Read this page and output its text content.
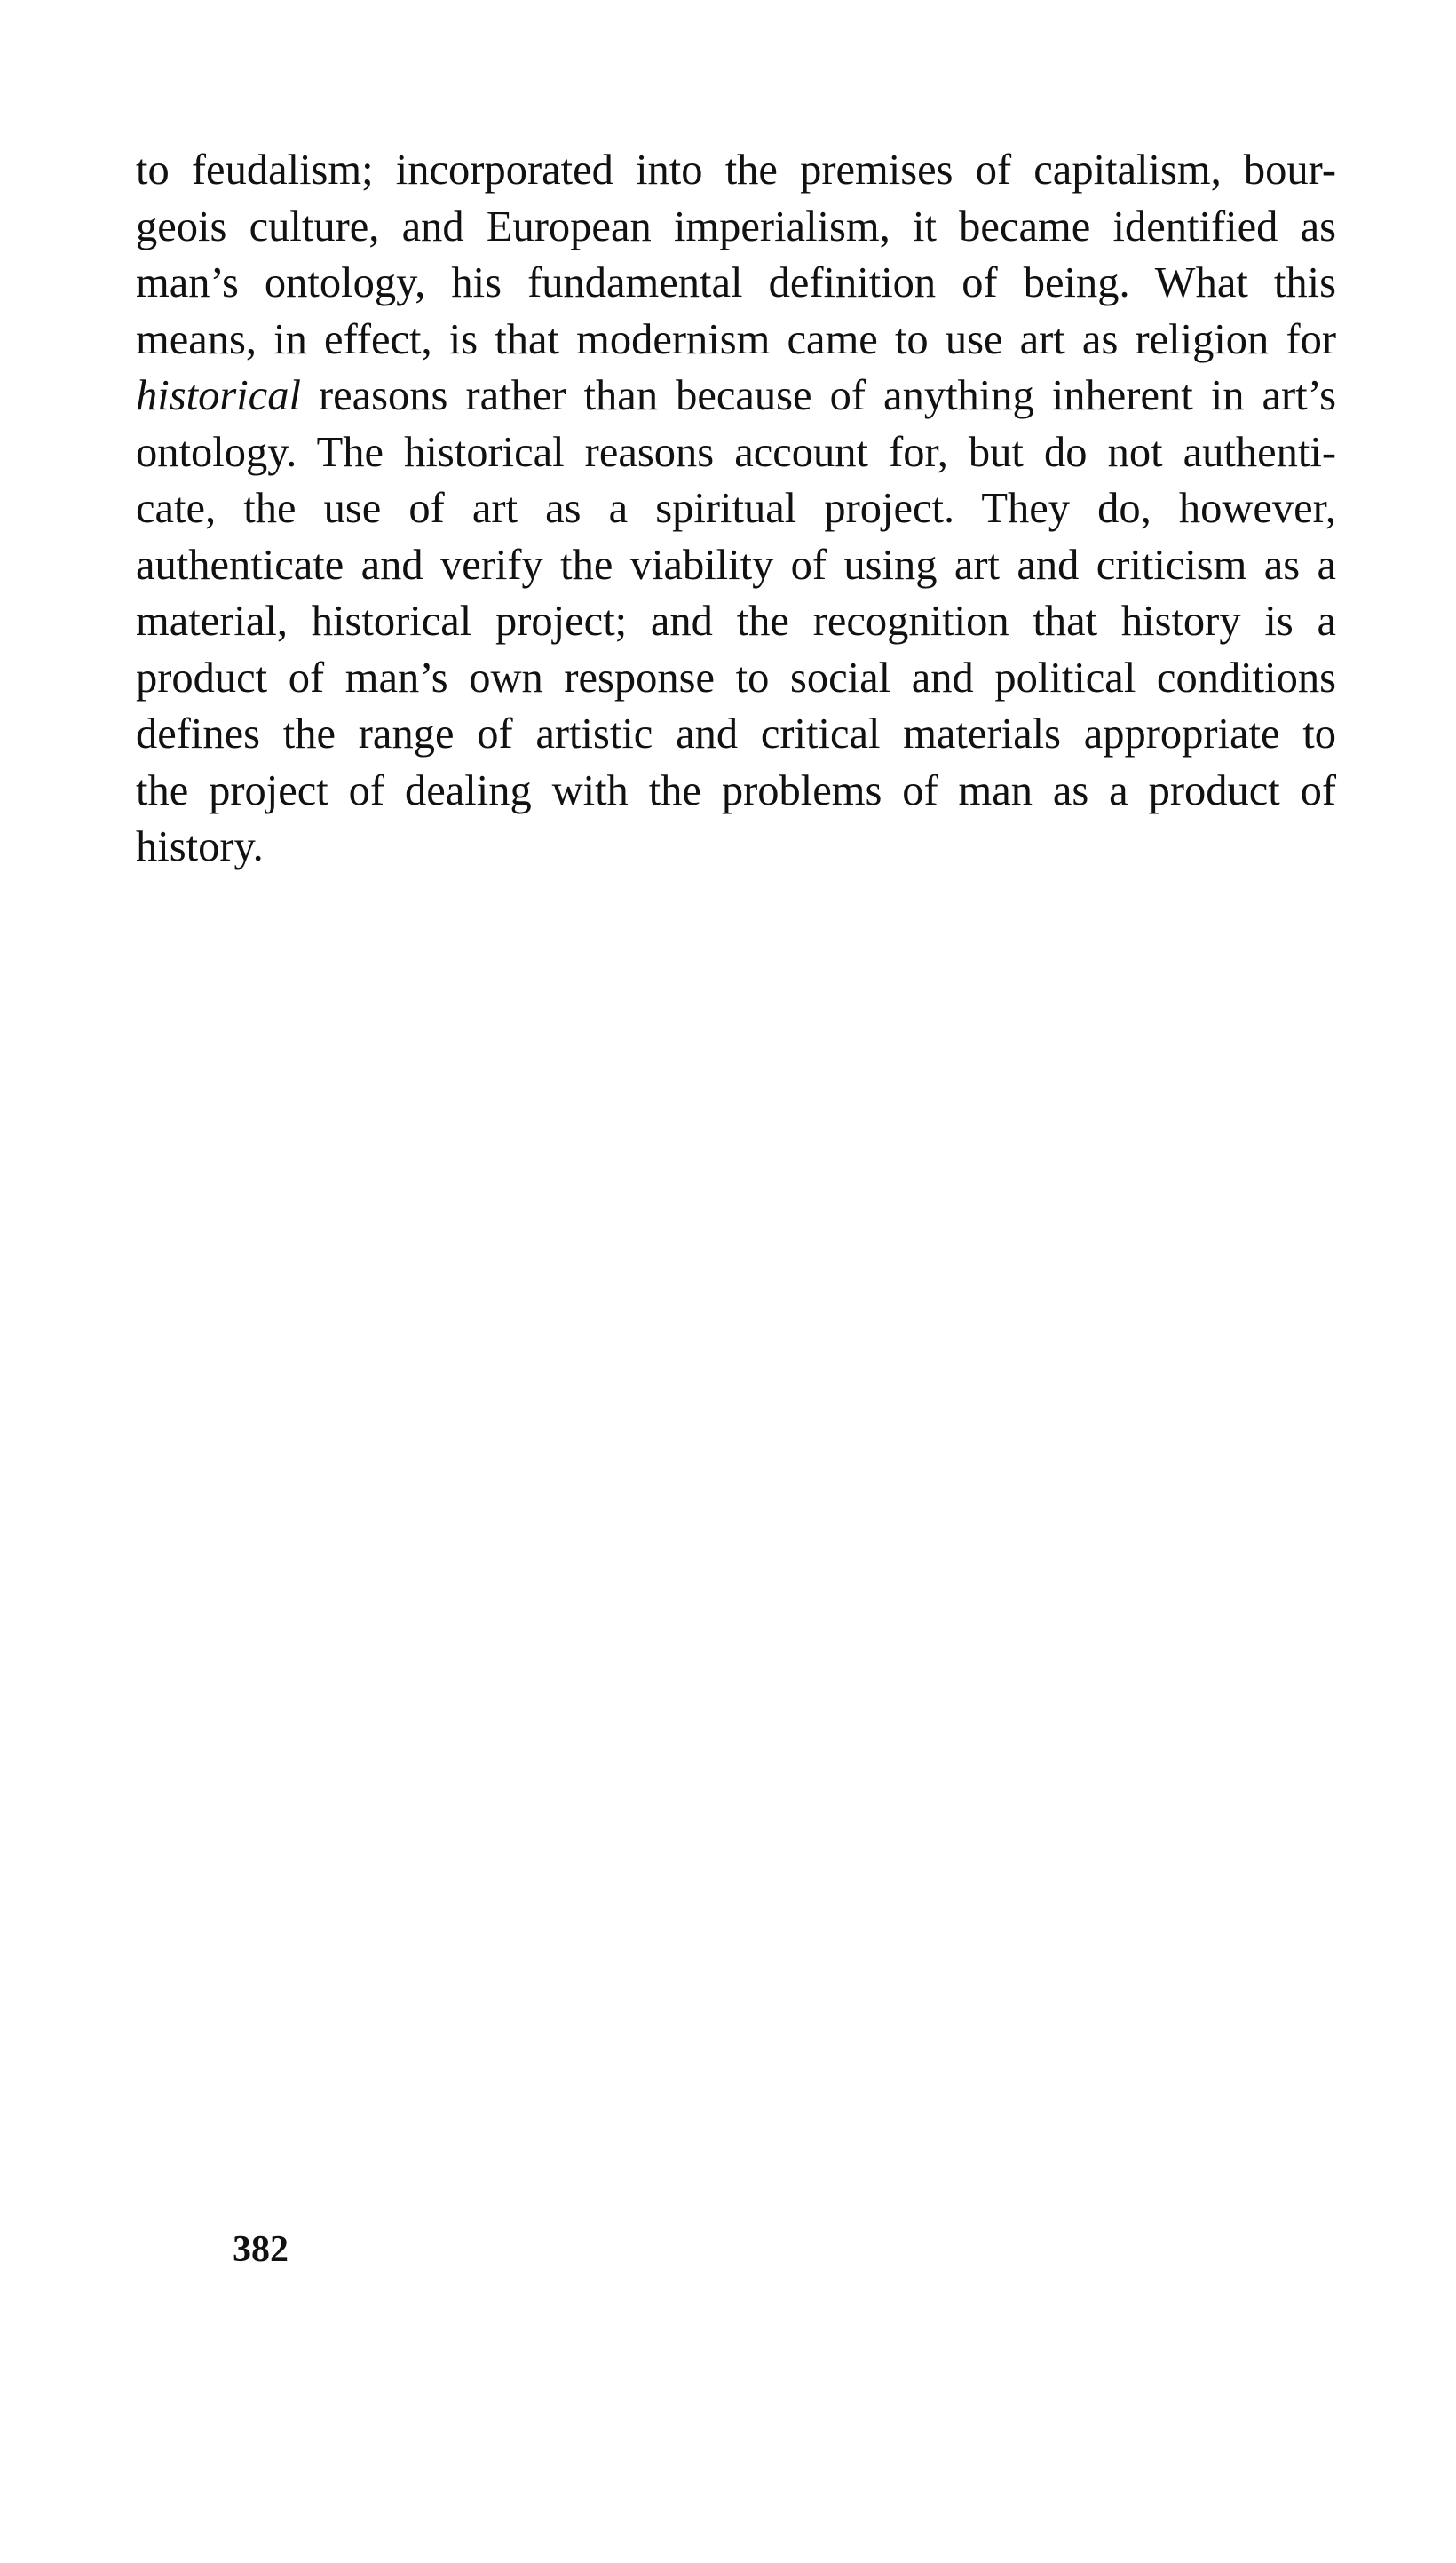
to feudalism; incorporated into the premises of capitalism, bour-
geois culture, and European imperialism, it became identified as
man’s ontology, his fundamental definition of being. What this
means, in effect, is that modernism came to use art as religion for
historical reasons rather than because of anything inherent in art’s
ontology. The historical reasons account for, but do not authenti-
cate, the use of art as a spiritual project. They do, however,
authenticate and verify the viability of using art and criticism as a
material, historical project; and the recognition that history is a
product of man’s own response to social and political conditions
defines the range of artistic and critical materials appropriate to
the project of dealing with the problems of man as a product of
history.

382
